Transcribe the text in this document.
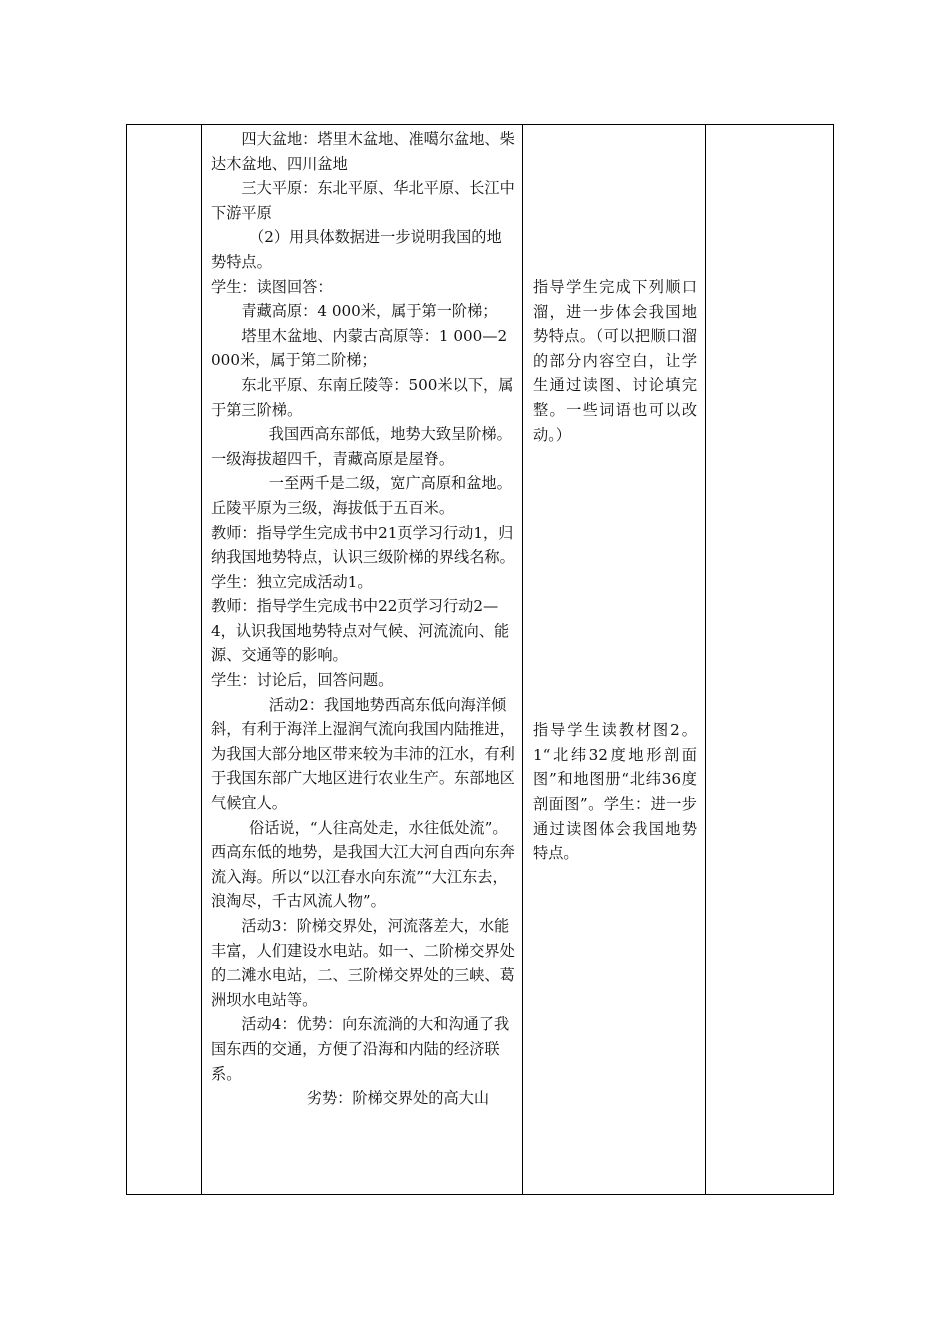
四大盆地：塔里木盆地、准噶尔盆地、柴达木盆地、四川盆地

三大平原：东北平原、华北平原、长江中下游平原

（2）用具体数据进一步说明我国的地势特点。

学生：读图回答：

青藏高原：4 000米，属于第一阶梯；

塔里木盆地、内蒙古高原等：1 000—2 000米，属于第二阶梯；

东北平原、东南丘陵等：500米以下，属于第三阶梯。

我国西高东部低，地势大致呈阶梯。一级海拔超四千，青藏高原是屋脊。

一至两千是二级，宽广高原和盆地。丘陵平原为三级，海拔低于五百米。

教师：指导学生完成书中21页学习行动1，归纳我国地势特点，认识三级阶梯的界线名称。

学生：独立完成活动1。

教师：指导学生完成书中22页学习行动2—4，认识我国地势特点对气候、河流流向、能源、交通等的影响。

学生：讨论后，回答问题。

活动2：我国地势西高东低向海洋倾斜，有利于海洋上湿润气流向我国内陆推进，为我国大部分地区带来较为丰沛的江水，有利于我国东部广大地区进行农业生产。东部地区气候宜人。

俗话说，“人往高处走，水往低处流”。西高东低的地势，是我国大江大河自西向东奔流入海。所以“以江春水向东流”“大江东去，浪淘尽，千古风流人物”。

活动3：阶梯交界处，河流落差大，水能丰富，人们建设水电站。如一、二阶梯交界处的二滩水电站，二、三阶梯交界处的三峡、葛洲坝水电站等。

活动4：优势：向东流淌的大和沟通了我国东西的交通，方便了沿海和内陆的经济联系。

劣势：阶梯交界处的高大山

指导学生完成下列顺口溜，进一步体会我国地势特点。（可以把顺口溜的部分内容空白，让学生通过读图、讨论填完整。一些词语也可以改动。）

指导学生读教材图2。1“北纬32度地形剖面图”和地图册“北纬36度剖面图”。学生：进一步通过读图体会我国地势特点。
